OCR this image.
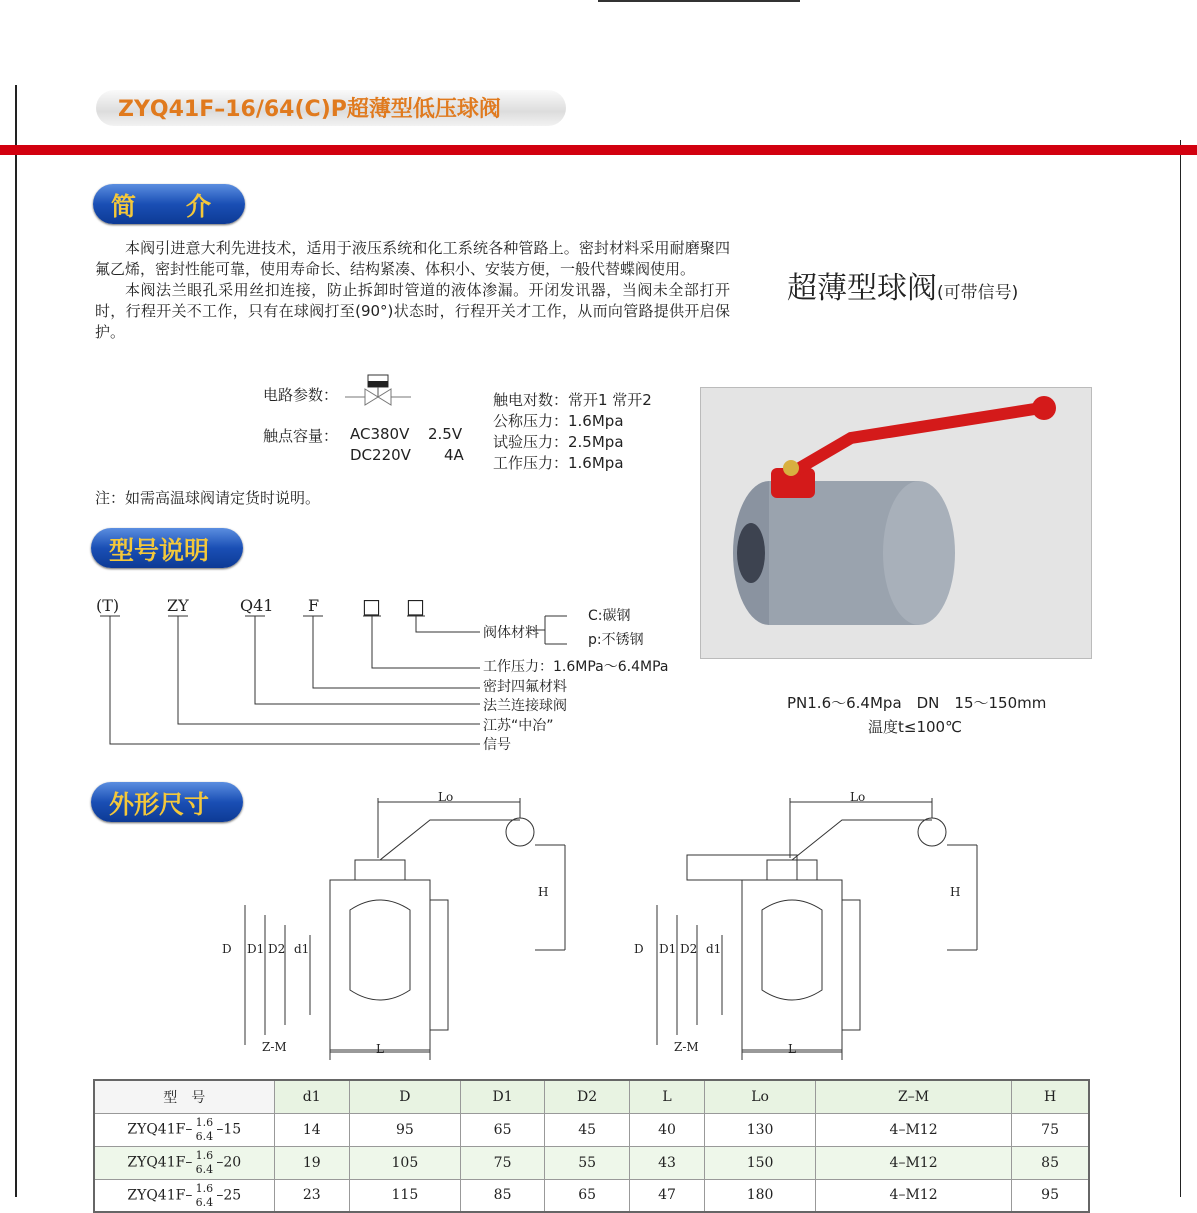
ZYQ41F–16/64(C)P超薄型低压球阀
简　　介

本阀引进意大利先进技术，适用于液压系统和化工系统各种管路上。密封材料采用耐磨聚四氟乙烯，密封性能可靠，使用寿命长、结构紧凑、体积小、安装方便，一般代替蝶阀使用。

本阀法兰眼孔采用丝扣连接，防止拆卸时管道的液体渗漏。开闭发讯器，当阀未全部打开时，行程开关不工作，只有在球阀打至(90°)状态时，行程开关才工作，从而向管路提供开启保护。

电路参数：
触点容量： AC380V 2.5V
DC220V 4A
触电对数：常开1 常开2
公称压力：1.6Mpa
试验压力：2.5Mpa
工作压力：1.6Mpa
注：如需高温球阀请定货时说明。
超薄型球阀(可带信号)
PN1.6～6.4Mpa　DN　15～150mm
温度t≤100℃
型号说明
(T)	ZY	Q41 F □ □
阀体材料
C:碳钢
p:不锈钢
工作压力：1.6MPa～6.4MPa
密封四氟材料
法兰连接球阀
江苏“中冶”
信号
外形尺寸	Lo
H
D D1 D2 d1
Z-M	L
Lo
H
D D1 D2 d1
Z-M	L
型　号	d1	D	D1	D2	L	Lo	Z–M	H
ZYQ41F– 1.6
6.4 –15	14	95	65	45	40	130	4–M12	75
ZYQ41F– 1.6
6.4 –20	19	105	75	55	43	150	4–M12	85
ZYQ41F– 1.6
6.4 –25	23	115	85	65	47	180	4–M12	95
